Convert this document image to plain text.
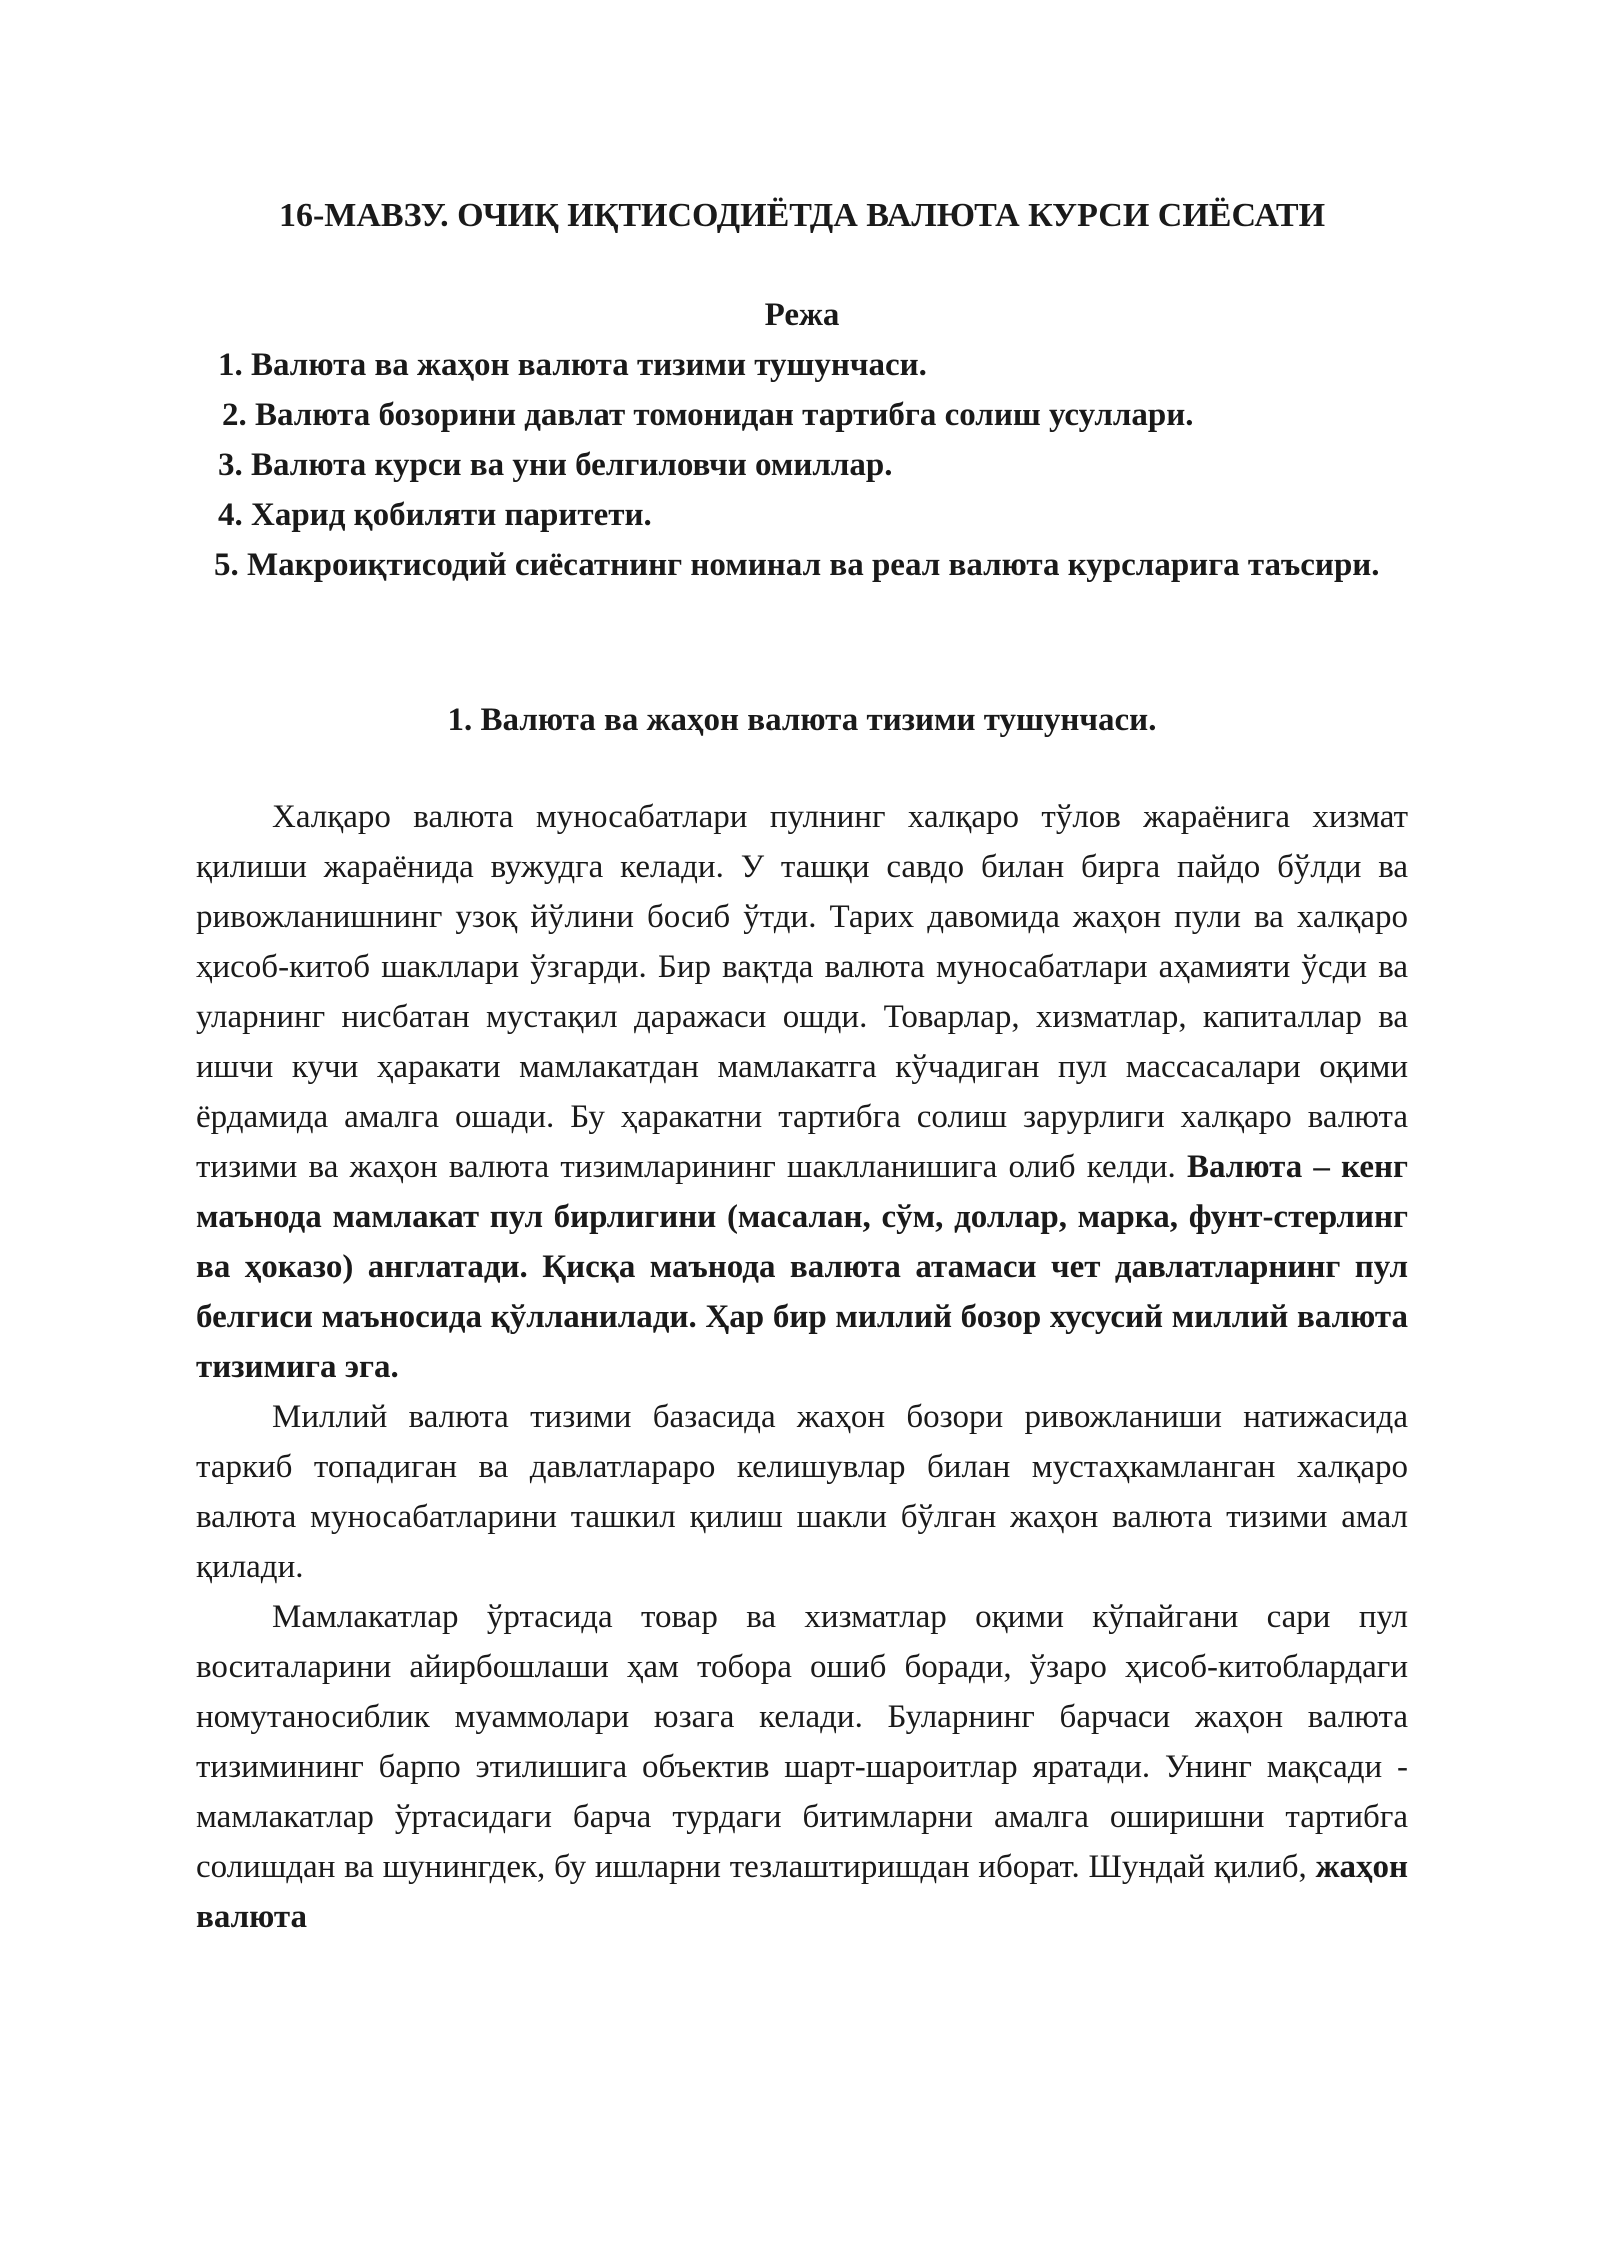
16-МАВЗУ. ОЧИҚ ИҚТИСОДИЁТДА ВАЛЮТА КУРСИ СИЁСАТИ
Режа
1. Валюта ва жаҳон валюта тизими тушунчаси.
2. Валюта бозорини давлат томонидан тартибга солиш усуллари.
3. Валюта курси ва уни белгиловчи омиллар.
4. Харид қобиляти паритети.
5. Макроиқтисодий сиёсатнинг номинал ва реал валюта курсларига таъсири.
1. Валюта ва жаҳон валюта тизими тушунчаси.

Халқаро валюта муносабатлари пулнинг халқаро тўлов жараёнига хизмат қилиши жараёнида вужудга келади. У ташқи савдо билан бирга пайдо бўлди ва ривожланишнинг узоқ йўлини босиб ўтди. Тарих давомида жаҳон пули ва халқаро ҳисоб-китоб шакллари ўзгарди. Бир вақтда валюта муносабатлари аҳамияти ўсди ва уларнинг нисбатан мустақил даражаси ошди. Товарлар, хизматлар, капиталлар ва ишчи кучи ҳаракати мамлакатдан мамлакатга кўчадиган пул массасалари оқими ёрдамида амалга ошади. Бу ҳаракатни тартибга солиш зарурлиги халқаро валюта тизими ва жаҳон валюта тизимларининг шаклланишига олиб келди. Валюта – кенг маънода мамлакат пул бирлигини (масалан, сўм, доллар, марка, фунт-стерлинг ва ҳоказо) англатади. Қисқа маънода валюта атамаси чет давлатларнинг пул белгиси маъносида қўлланилади. Ҳар бир миллий бозор хусусий миллий валюта тизимига эга.

Миллий валюта тизими базасида жаҳон бозори ривожланиши натижасида таркиб топадиган ва давлатлараро келишувлар билан мустаҳкамланган халқаро валюта муносабатларини ташкил қилиш шакли бўлган жаҳон валюта тизими амал қилади.

Мамлакатлар ўртасида товар ва хизматлар оқими кўпайгани сари пул воситаларини айирбошлаши ҳам тобора ошиб боради, ўзаро ҳисоб-китоблардаги номутаносиблик муаммолари юзага келади. Буларнинг барчаси жаҳон валюта тизимининг барпо этилишига объектив шарт-шароитлар яратади. Унинг мақсади - мамлакатлар ўртасидаги барча турдаги битимларни амалга оширишни тартибга солишдан ва шунингдек, бу ишларни тезлаштиришдан иборат. Шундай қилиб, жаҳон валюта
